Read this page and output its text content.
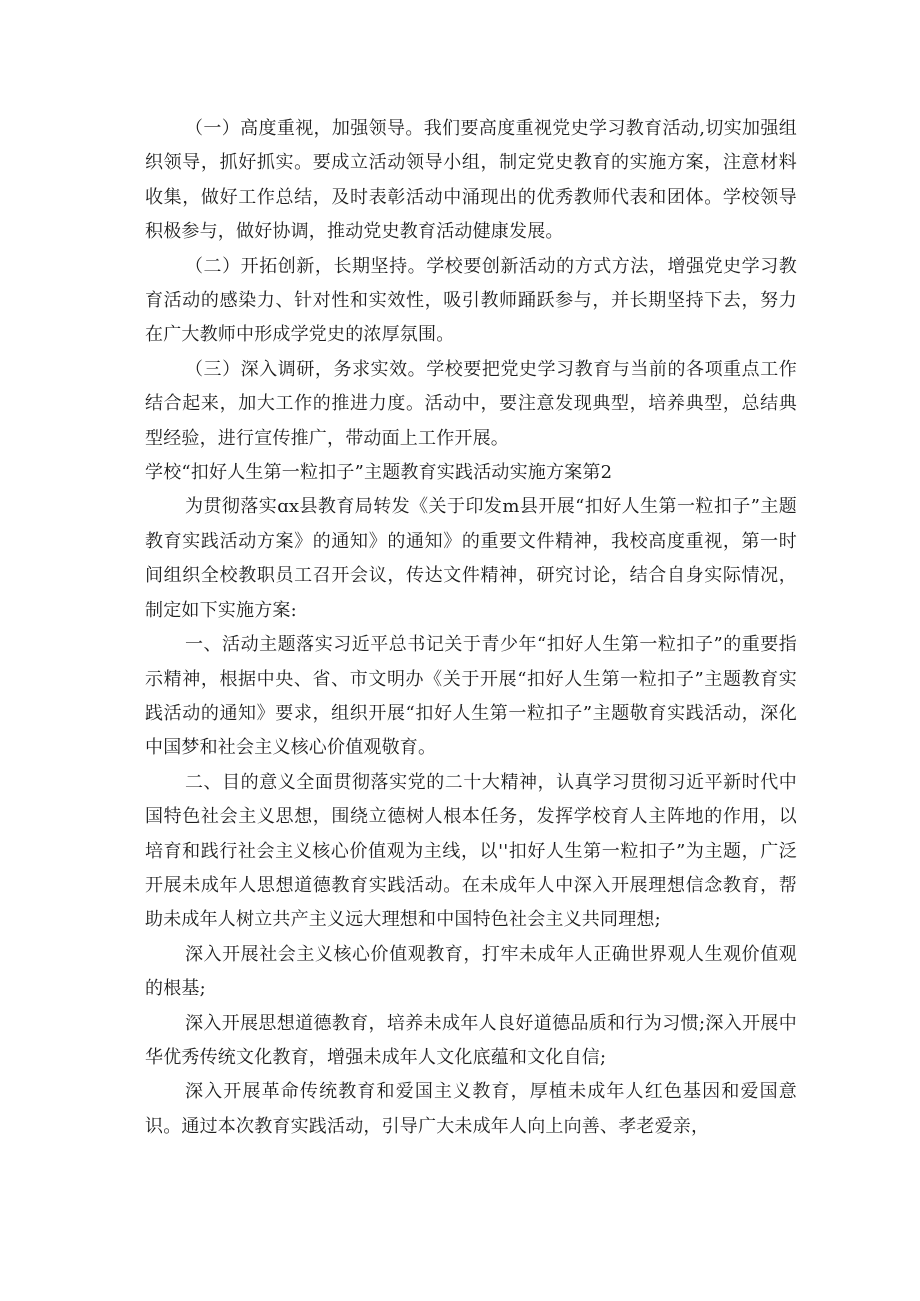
（一）高度重视，加强领导。我们要高度重视党史学习教育活动,切实加强组织领导，抓好抓实。要成立活动领导小组，制定党史教育的实施方案，注意材料收集，做好工作总结，及时表彰活动中涌现出的优秀教师代表和团体。学校领导积极参与，做好协调，推动党史教育活动健康发展。

（二）开拓创新，长期坚持。学校要创新活动的方式方法，增强党史学习教育活动的感染力、针对性和实效性，吸引教师踊跃参与，并长期坚持下去，努力在广大教师中形成学党史的浓厚氛围。

（三）深入调研，务求实效。学校要把党史学习教育与当前的各项重点工作结合起来，加大工作的推进力度。活动中，要注意发现典型，培养典型，总结典型经验，进行宣传推广，带动面上工作开展。

学校“扣好人生第一粒扣子”主题教育实践活动实施方案第2

为贯彻落实ɑx县教育局转发《关于印发m县开展“扣好人生第一粒扣子”主题教育实践活动方案》的通知》的通知》的重要文件精神，我校高度重视，第一时间组织全校教职员工召开会议，传达文件精神，研究讨论，结合自身实际情况，制定如下实施方案:

一、活动主题落实习近平总书记关于青少年“扣好人生第一粒扣子”的重要指示精神，根据中央、省、市文明办《关于开展“扣好人生第一粒扣子”主题教育实践活动的通知》要求，组织开展“扣好人生第一粒扣子”主题敬育实践活动，深化中国梦和社会主义核心价值观敬育。

二、目的意义全面贯彻落实党的二十大精神，认真学习贯彻习近平新时代中国特色社会主义思想，围绕立德树人根本任务，发挥学校育人主阵地的作用，以培育和践行社会主义核心价值观为主线，以''扣好人生第一粒扣子”为主题，广泛开展未成年人思想道德教育实践活动。在未成年人中深入开展理想信念教育，帮助未成年人树立共产主义远大理想和中国特色社会主义共同理想;

深入开展社会主义核心价值观教育，打牢未成年人正确世界观人生观价值观的根基;

深入开展思想道德教育，培养未成年人良好道德品质和行为习惯;深入开展中华优秀传统文化教育，增强未成年人文化底蕴和文化自信;

深入开展革命传统教育和爱国主义教育，厚植未成年人红色基因和爱国意识。通过本次教育实践活动，引导广大未成年人向上向善、孝老爱亲，
